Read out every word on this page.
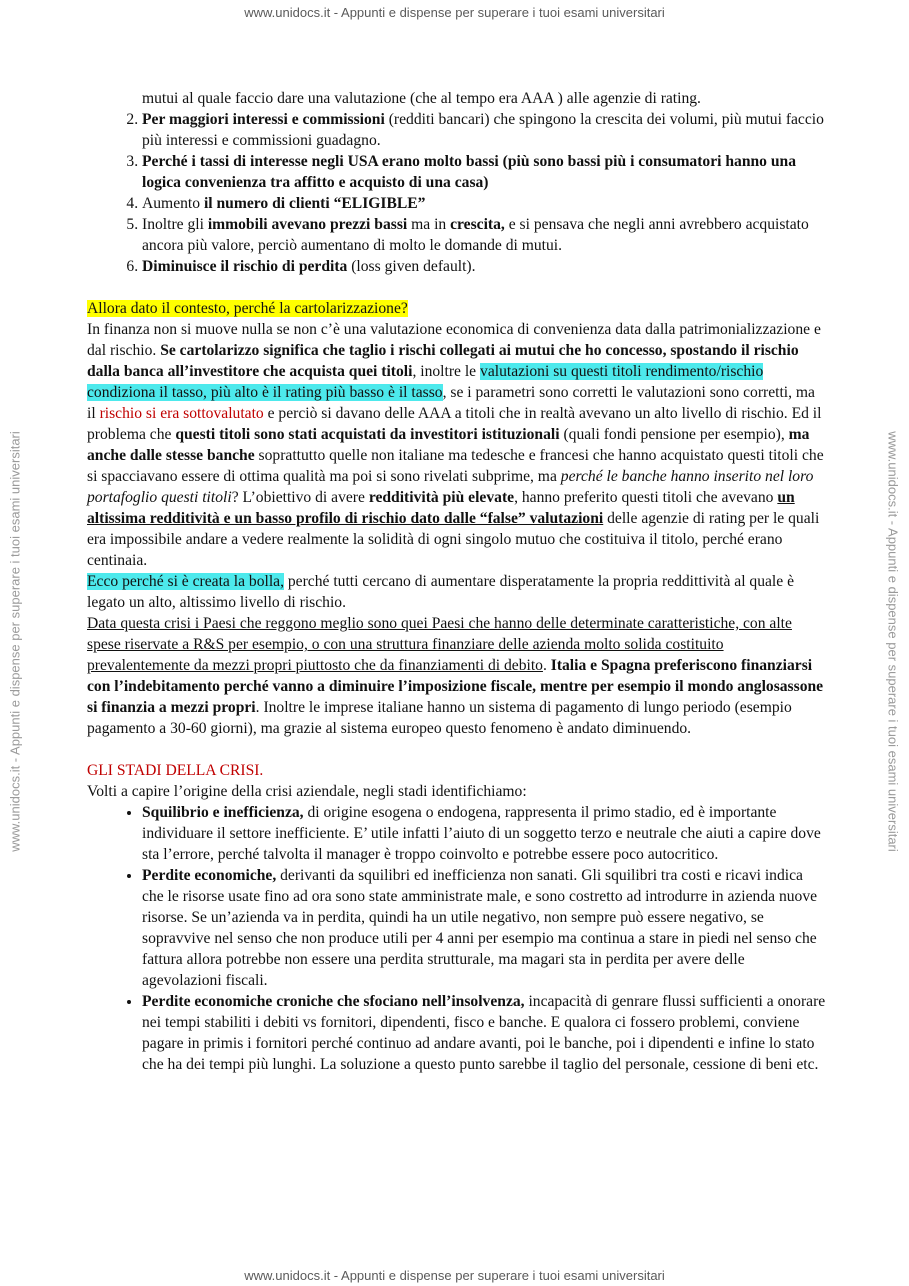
www.unidocs.it - Appunti e dispense per superare i tuoi esami universitari
www.unidocs.it - Appunti e dispense per superare i tuoi esami universitari
www.unidocs.it - Appunti e dispense per superare i tuoi esami universitari	www.unidocs.it - Appunti e dispense per superare i tuoi esami universitari
mutui al quale faccio dare una valutazione (che al tempo era AAA ) alle agenzie di rating.
2. Per maggiori interessi e commissioni (redditi bancari) che spingono la crescita dei volumi, più mutui faccio più interessi e commissioni guadagno.
3. Perché i tassi di interesse negli USA erano molto bassi (più sono bassi più i consumatori hanno una logica convenienza tra affitto e acquisto di una casa)
4. Aumento il numero di clienti “ELIGIBLE”
5. Inoltre gli immobili avevano prezzi bassi ma in crescita, e si pensava che negli anni avrebbero acquistato ancora più valore, perciò aumentano di molto le domande di mutui.
6. Diminuisce il rischio di perdita (loss given default).

Allora dato il contesto, perché la cartolarizzazione?

In finanza non si muove nulla se non c’è una valutazione economica di convenienza data dalla patrimonializzazione e dal rischio. Se cartolarizzo significa che taglio i rischi collegati ai mutui che ho concesso, spostando il rischio dalla banca all’investitore che acquista quei titoli, inoltre le valutazioni su questi titoli rendimento/rischio condiziona il tasso, più alto è il rating più basso è il tasso, se i parametri sono corretti le valutazioni sono corretti, ma il rischio si era sottovalutato e perciò si davano delle AAA a titoli che in realtà avevano un alto livello di rischio. Ed il problema che questi titoli sono stati acquistati da investitori istituzionali (quali fondi pensione per esempio), ma anche dalle stesse banche soprattutto quelle non italiane ma tedesche e francesi che hanno acquistato questi titoli che si spacciavano essere di ottima qualità ma poi si sono rivelati subprime, ma perché le banche hanno inserito nel loro portafoglio questi titoli? L’obiettivo di avere redditività più elevate, hanno preferito questi titoli che avevano un altissima redditività e un basso profilo di rischio dato dalle “false” valutazioni delle agenzie di rating per le quali era impossibile andare a vedere realmente la solidità di ogni singolo mutuo che costituiva il titolo, perché erano centinaia.

Ecco perché si è creata la bolla, perché tutti cercano di aumentare disperatamente la propria reddittività al quale è legato un alto, altissimo livello di rischio.

Data questa crisi i Paesi che reggono meglio sono quei Paesi che hanno delle determinate caratteristiche, con alte spese riservate a R&S per esempio, o con una struttura finanziare delle azienda molto solida costituito prevalentemente da mezzi propri piuttosto che da finanziamenti di debito. Italia e Spagna preferiscono finanziarsi con l’indebitamento perché vanno a diminuire l’imposizione fiscale, mentre per esempio il mondo anglosassone si finanzia a mezzi propri. Inoltre le imprese italiane hanno un sistema di pagamento di lungo periodo (esempio pagamento a 30-60 giorni), ma grazie al sistema europeo questo fenomeno è andato diminuendo.

GLI STADI DELLA CRISI.

Volti a capire l’origine della crisi aziendale, negli stadi identifichiamo:

• Squilibrio e inefficienza, di origine esogena o endogena, rappresenta il primo stadio, ed è importante individuare il settore inefficiente. E’ utile infatti l’aiuto di un soggetto terzo e neutrale che aiuti a capire dove sta l’errore, perché talvolta il manager è troppo coinvolto e potrebbe essere poco autocritico.
• Perdite economiche, derivanti da squilibri ed inefficienza non sanati. Gli squilibri tra costi e ricavi indica che le risorse usate fino ad ora sono state amministrate male, e sono costretto ad introdurre in azienda nuove risorse. Se un’azienda va in perdita, quindi ha un utile negativo, non sempre può essere negativo, se sopravvive nel senso che non produce utili per 4 anni per esempio ma continua a stare in piedi nel senso che fattura allora potrebbe non essere una perdita strutturale, ma magari sta in perdita per avere delle agevolazioni fiscali.
• Perdite economiche croniche che sfociano nell’insolvenza, incapacità di genrare flussi sufficienti a onorare nei tempi stabiliti i debiti vs fornitori, dipendenti, fisco e banche. E qualora ci fossero problemi, conviene pagare in primis i fornitori perché continuo ad andare avanti, poi le banche, poi i dipendenti e infine lo stato che ha dei tempi più lunghi. La soluzione a questo punto sarebbe il taglio del personale, cessione di beni etc.
